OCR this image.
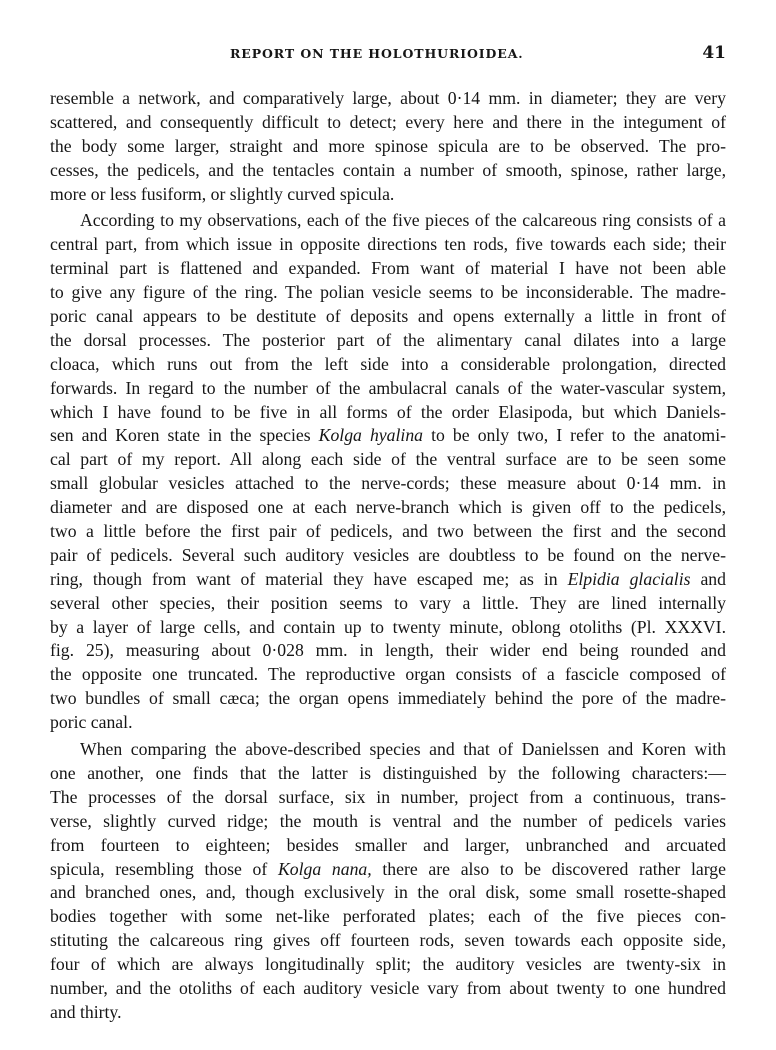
REPORT ON THE HOLOTHURIOIDEA.	41
resemble a network, and comparatively large, about 0·14 mm. in diameter; they are very
scattered, and consequently difficult to detect; every here and there in the integument of
the body some larger, straight and more spinose spicula are to be observed. The pro-
cesses, the pedicels, and the tentacles contain a number of smooth, spinose, rather large,
more or less fusiform, or slightly curved spicula.
According to my observations, each of the five pieces of the calcareous ring consists of a
central part, from which issue in opposite directions ten rods, five towards each side; their
terminal part is flattened and expanded. From want of material I have not been able
to give any figure of the ring. The polian vesicle seems to be inconsiderable. The madre-
poric canal appears to be destitute of deposits and opens externally a little in front of
the dorsal processes. The posterior part of the alimentary canal dilates into a large
cloaca, which runs out from the left side into a considerable prolongation, directed
forwards. In regard to the number of the ambulacral canals of the water-vascular system,
which I have found to be five in all forms of the order Elasipoda, but which Daniels-
sen and Koren state in the species Kolga hyalina to be only two, I refer to the anatomi-
cal part of my report. All along each side of the ventral surface are to be seen some
small globular vesicles attached to the nerve-cords; these measure about 0·14 mm. in
diameter and are disposed one at each nerve-branch which is given off to the pedicels,
two a little before the first pair of pedicels, and two between the first and the second
pair of pedicels. Several such auditory vesicles are doubtless to be found on the nerve-
ring, though from want of material they have escaped me; as in Elpidia glacialis and
several other species, their position seems to vary a little. They are lined internally
by a layer of large cells, and contain up to twenty minute, oblong otoliths (Pl. XXXVI.
fig. 25), measuring about 0·028 mm. in length, their wider end being rounded and
the opposite one truncated. The reproductive organ consists of a fascicle composed of
two bundles of small cæca; the organ opens immediately behind the pore of the madre-
poric canal.
When comparing the above-described species and that of Danielssen and Koren with
one another, one finds that the latter is distinguished by the following characters:—
The processes of the dorsal surface, six in number, project from a continuous, trans-
verse, slightly curved ridge; the mouth is ventral and the number of pedicels varies
from fourteen to eighteen; besides smaller and larger, unbranched and arcuated
spicula, resembling those of Kolga nana, there are also to be discovered rather large
and branched ones, and, though exclusively in the oral disk, some small rosette-shaped
bodies together with some net-like perforated plates; each of the five pieces con-
stituting the calcareous ring gives off fourteen rods, seven towards each opposite side,
four of which are always longitudinally split; the auditory vesicles are twenty-six in
number, and the otoliths of each auditory vesicle vary from about twenty to one hundred
and thirty.
